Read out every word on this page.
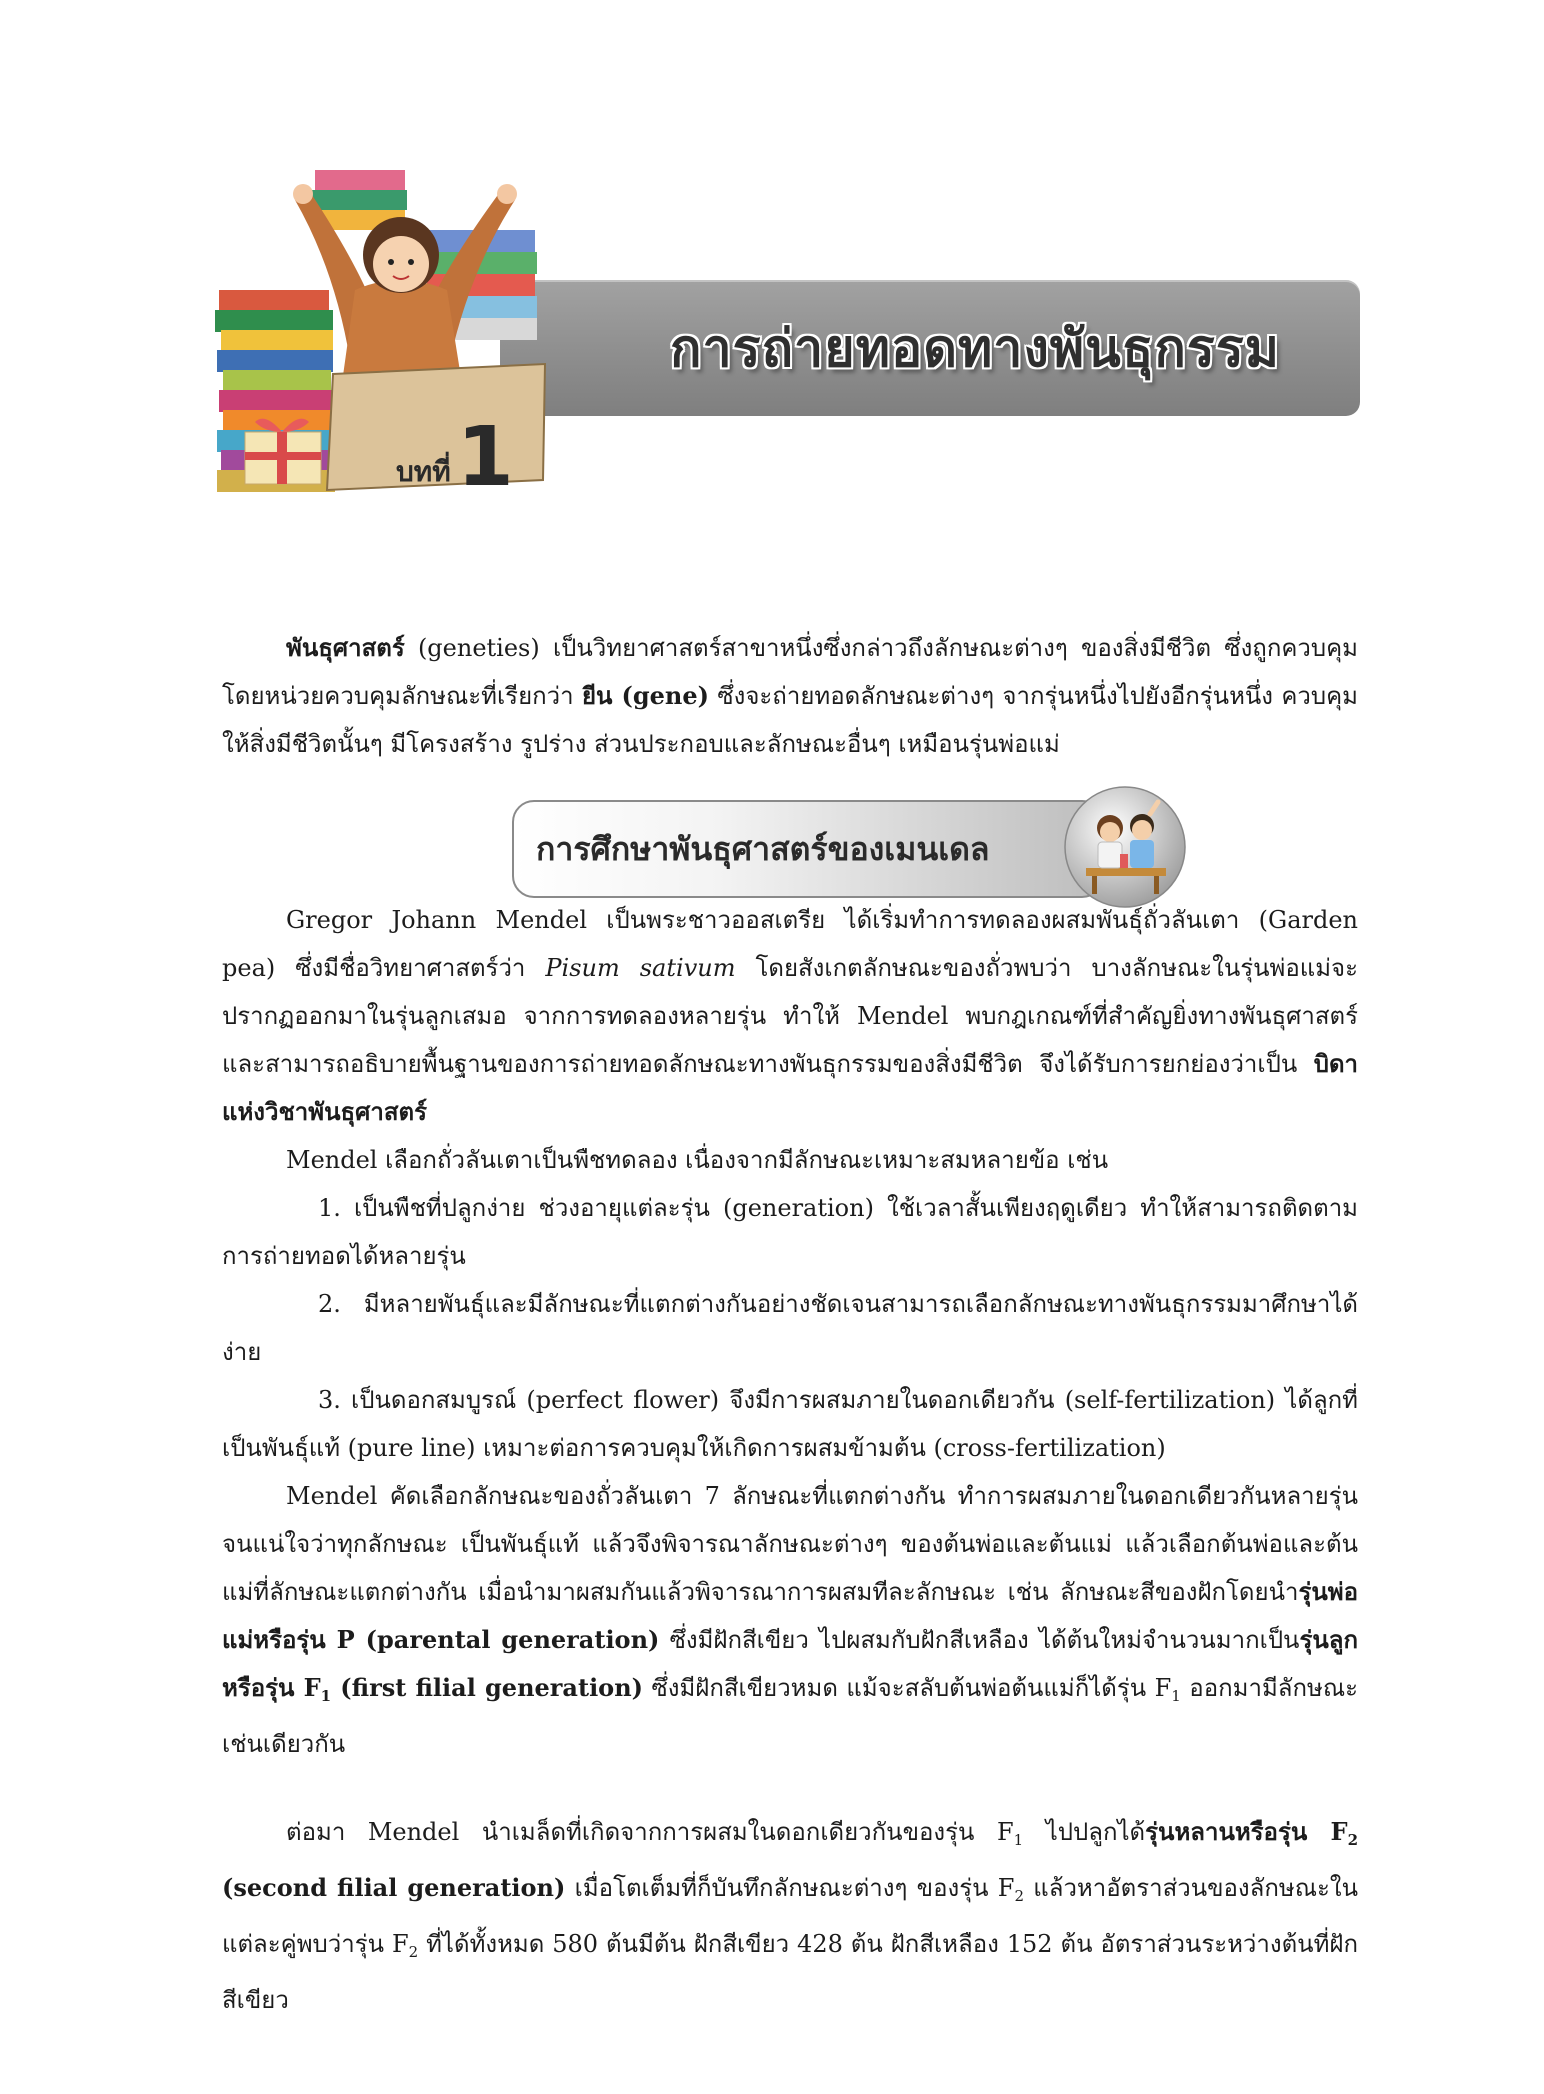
การถ่ายทอดทางพันธุกรรม
บทที่1

พันธุศาสตร์ (geneties) เป็นวิทยาศาสตร์สาขาหนึ่งซึ่งกล่าวถึงลักษณะต่างๆ ของสิ่งมีชีวิต ซึ่งถูกควบคุมโดยหน่วยควบคุมลักษณะที่เรียกว่า ยีน (gene) ซึ่งจะถ่ายทอดลักษณะต่างๆ จากรุ่นหนึ่งไปยังอีกรุ่นหนึ่ง ควบคุมให้สิ่งมีชีวิตนั้นๆ มีโครงสร้าง รูปร่าง ส่วนประกอบและลักษณะอื่นๆ เหมือนรุ่นพ่อแม่

การศึกษาพันธุศาสตร์ของเมนเดล

Gregor Johann Mendel เป็นพระชาวออสเตรีย ได้เริ่มทำการทดลองผสมพันธุ์ถั่วลันเตา (Garden pea) ซึ่งมีชื่อวิทยาศาสตร์ว่า Pisum sativum โดยสังเกตลักษณะของถั่วพบว่า บางลักษณะในรุ่นพ่อแม่จะปรากฏออกมาในรุ่นลูกเสมอ จากการทดลองหลายรุ่น ทำให้ Mendel พบกฎเกณฑ์ที่สำคัญยิ่งทางพันธุศาสตร์ และสามารถอธิบายพื้นฐานของการถ่ายทอดลักษณะทางพันธุกรรมของสิ่งมีชีวิต จึงได้รับการยกย่องว่าเป็น บิดาแห่งวิชาพันธุศาสตร์

Mendel เลือกถั่วลันเตาเป็นพืชทดลอง เนื่องจากมีลักษณะเหมาะสมหลายข้อ เช่น

1. เป็นพืชที่ปลูกง่าย ช่วงอายุแต่ละรุ่น (generation) ใช้เวลาสั้นเพียงฤดูเดียว ทำให้สามารถติดตามการถ่ายทอดได้หลายรุ่น

2. มีหลายพันธุ์และมีลักษณะที่แตกต่างกันอย่างชัดเจนสามารถเลือกลักษณะทางพันธุกรรมมาศึกษาได้ง่าย

3. เป็นดอกสมบูรณ์ (perfect flower) จึงมีการผสมภายในดอกเดียวกัน (self-fertilization) ได้ลูกที่เป็นพันธุ์แท้ (pure line) เหมาะต่อการควบคุมให้เกิดการผสมข้ามต้น (cross-fertilization)

Mendel คัดเลือกลักษณะของถั่วลันเตา 7 ลักษณะที่แตกต่างกัน ทำการผสมภายในดอกเดียวกันหลายรุ่น จนแน่ใจว่าทุกลักษณะ เป็นพันธุ์แท้ แล้วจึงพิจารณาลักษณะต่างๆ ของต้นพ่อและต้นแม่ แล้วเลือกต้นพ่อและต้นแม่ที่ลักษณะแตกต่างกัน เมื่อนำมาผสมกันแล้วพิจารณาการผสมทีละลักษณะ เช่น ลักษณะสีของฝักโดยนำรุ่นพ่อแม่หรือรุ่น P (parental generation) ซึ่งมีฝักสีเขียว ไปผสมกับฝักสีเหลือง ได้ต้นใหม่จำนวนมากเป็นรุ่นลูกหรือรุ่น $F_1$ (first filial generation) ซึ่งมีฝักสีเขียวหมด แม้จะสลับต้นพ่อต้นแม่ก็ได้รุ่น $F_1$ ออกมามีลักษณะเช่นเดียวกัน

ต่อมา Mendel นำเมล็ดที่เกิดจากการผสมในดอกเดียวกันของรุ่น $F_1$ ไปปลูกได้รุ่นหลานหรือรุ่น $F_2$ (second filial generation) เมื่อโตเต็มที่ก็บันทึกลักษณะต่างๆ ของรุ่น $F_2$ แล้วหาอัตราส่วนของลักษณะในแต่ละคู่พบว่ารุ่น $F_2$ ที่ได้ทั้งหมด 580 ต้นมีต้น ฝักสีเขียว 428 ต้น ฝักสีเหลือง 152 ต้น อัตราส่วนระหว่างต้นที่ฝักสีเขียว
